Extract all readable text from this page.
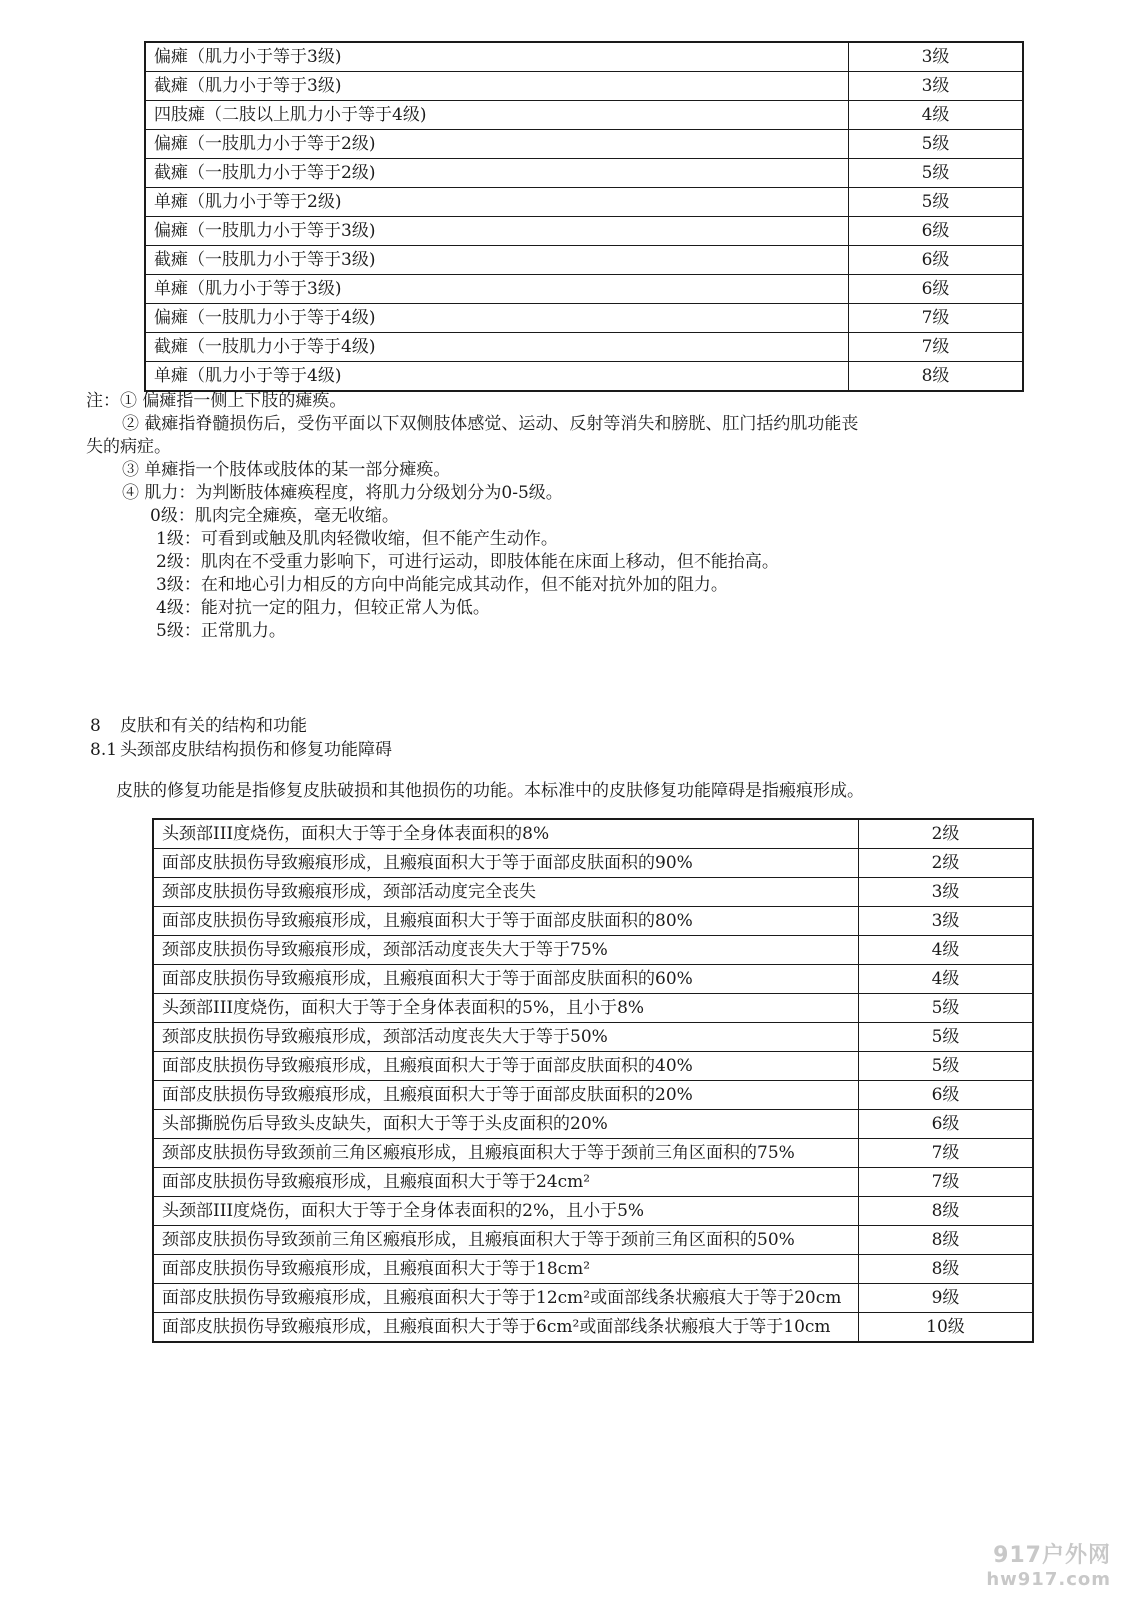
偏瘫（肌力小于等于3级)	3级
截瘫（肌力小于等于3级)	3级
四肢瘫（二肢以上肌力小于等于4级)	4级
偏瘫（一肢肌力小于等于2级)	5级
截瘫（一肢肌力小于等于2级)	5级
单瘫（肌力小于等于2级)	5级
偏瘫（一肢肌力小于等于3级)	6级
截瘫（一肢肌力小于等于3级)	6级
单瘫（肌力小于等于3级)	6级
偏瘫（一肢肌力小于等于4级)	7级
截瘫（一肢肌力小于等于4级)	7级
单瘫（肌力小于等于4级)	8级

注：① 偏瘫指一侧上下肢的瘫痪。

② 截瘫指脊髓损伤后，受伤平面以下双侧肢体感觉、运动、反射等消失和膀胱、肛门括约肌功能丧

失的病症。

③ 单瘫指一个肢体或肢体的某一部分瘫痪。

④ 肌力：为判断肢体瘫痪程度，将肌力分级划分为0-5级。

0级：肌肉完全瘫痪，毫无收缩。

1级：可看到或触及肌肉轻微收缩，但不能产生动作。

2级：肌肉在不受重力影响下，可进行运动，即肢体能在床面上移动，但不能抬高。

3级：在和地心引力相反的方向中尚能完成其动作，但不能对抗外加的阻力。

4级：能对抗一定的阻力，但较正常人为低。

5级：正常肌力。

8 皮肤和有关的结构和功能
8.1 头颈部皮肤结构损伤和修复功能障碍
皮肤的修复功能是指修复皮肤破损和其他损伤的功能。本标准中的皮肤修复功能障碍是指瘢痕形成。
头颈部III度烧伤，面积大于等于全身体表面积的8%	2级
面部皮肤损伤导致瘢痕形成，且瘢痕面积大于等于面部皮肤面积的90%	2级
颈部皮肤损伤导致瘢痕形成，颈部活动度完全丧失	3级
面部皮肤损伤导致瘢痕形成，且瘢痕面积大于等于面部皮肤面积的80%	3级
颈部皮肤损伤导致瘢痕形成，颈部活动度丧失大于等于75%	4级
面部皮肤损伤导致瘢痕形成，且瘢痕面积大于等于面部皮肤面积的60%	4级
头颈部III度烧伤，面积大于等于全身体表面积的5%，且小于8%	5级
颈部皮肤损伤导致瘢痕形成，颈部活动度丧失大于等于50%	5级
面部皮肤损伤导致瘢痕形成，且瘢痕面积大于等于面部皮肤面积的40%	5级
面部皮肤损伤导致瘢痕形成，且瘢痕面积大于等于面部皮肤面积的20%	6级
头部撕脱伤后导致头皮缺失，面积大于等于头皮面积的20%	6级
颈部皮肤损伤导致颈前三角区瘢痕形成，且瘢痕面积大于等于颈前三角区面积的75%	7级
面部皮肤损伤导致瘢痕形成，且瘢痕面积大于等于24cm²	7级
头颈部III度烧伤，面积大于等于全身体表面积的2%，且小于5%	8级
颈部皮肤损伤导致颈前三角区瘢痕形成，且瘢痕面积大于等于颈前三角区面积的50%	8级
面部皮肤损伤导致瘢痕形成，且瘢痕面积大于等于18cm²	8级
面部皮肤损伤导致瘢痕形成，且瘢痕面积大于等于12cm²或面部线条状瘢痕大于等于20cm	9级
面部皮肤损伤导致瘢痕形成，且瘢痕面积大于等于6cm²或面部线条状瘢痕大于等于10cm	10级
917户外网
hw917.com
